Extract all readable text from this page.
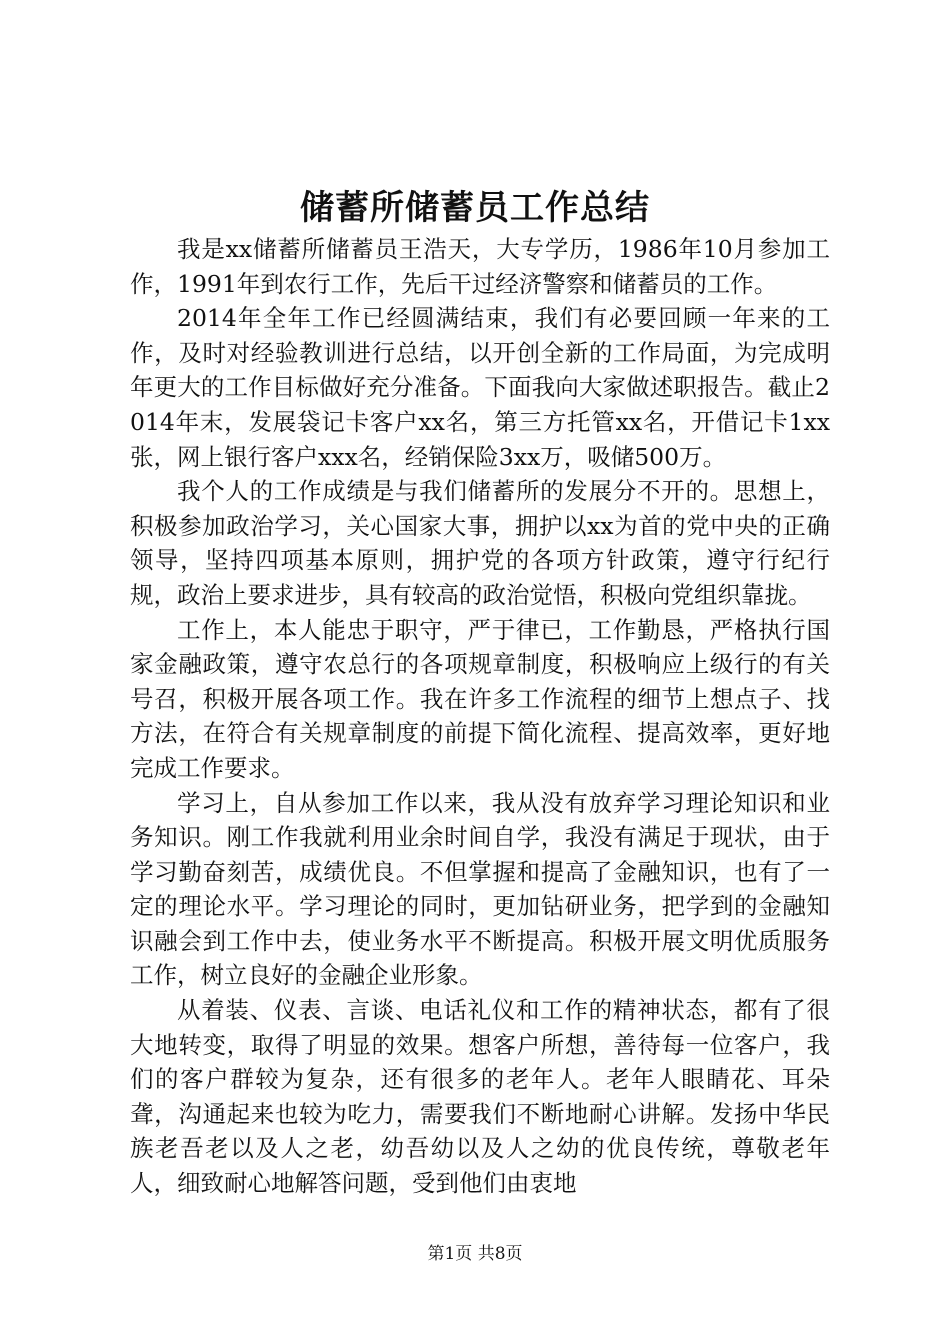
储蓄所储蓄员工作总结

我是xx储蓄所储蓄员王浩天，大专学历，1986年10月参加工作，1991年到农行工作，先后干过经济警察和储蓄员的工作。

2014年全年工作已经圆满结束，我们有必要回顾一年来的工作，及时对经验教训进行总结，以开创全新的工作局面，为完成明年更大的工作目标做好充分准备。下面我向大家做述职报告。截止2014年末，发展袋记卡客户xx名，第三方托管xx名，开借记卡1xx张，网上银行客户xxx名，经销保险3xx万，吸储500万。

我个人的工作成绩是与我们储蓄所的发展分不开的。思想上，积极参加政治学习，关心国家大事，拥护以xx为首的党中央的正确领导，坚持四项基本原则，拥护党的各项方针政策，遵守行纪行规，政治上要求进步，具有较高的政治觉悟，积极向党组织靠拢。

工作上，本人能忠于职守，严于律已，工作勤恳，严格执行国家金融政策，遵守农总行的各项规章制度，积极响应上级行的有关号召，积极开展各项工作。我在许多工作流程的细节上想点子、找方法，在符合有关规章制度的前提下简化流程、提高效率，更好地完成工作要求。

学习上，自从参加工作以来，我从没有放弃学习理论知识和业务知识。刚工作我就利用业余时间自学，我没有满足于现状，由于学习勤奋刻苦，成绩优良。不但掌握和提高了金融知识，也有了一定的理论水平。学习理论的同时，更加钻研业务，把学到的金融知识融会到工作中去，使业务水平不断提高。积极开展文明优质服务工作，树立良好的金融企业形象。

从着装、仪表、言谈、电话礼仪和工作的精神状态，都有了很大地转变，取得了明显的效果。想客户所想，善待每一位客户，我们的客户群较为复杂，还有很多的老年人。老年人眼睛花、耳朵聋，沟通起来也较为吃力，需要我们不断地耐心讲解。发扬中华民族老吾老以及人之老，幼吾幼以及人之幼的优良传统，尊敬老年人，细致耐心地解答问题，受到他们由衷地

第1页 共8页
